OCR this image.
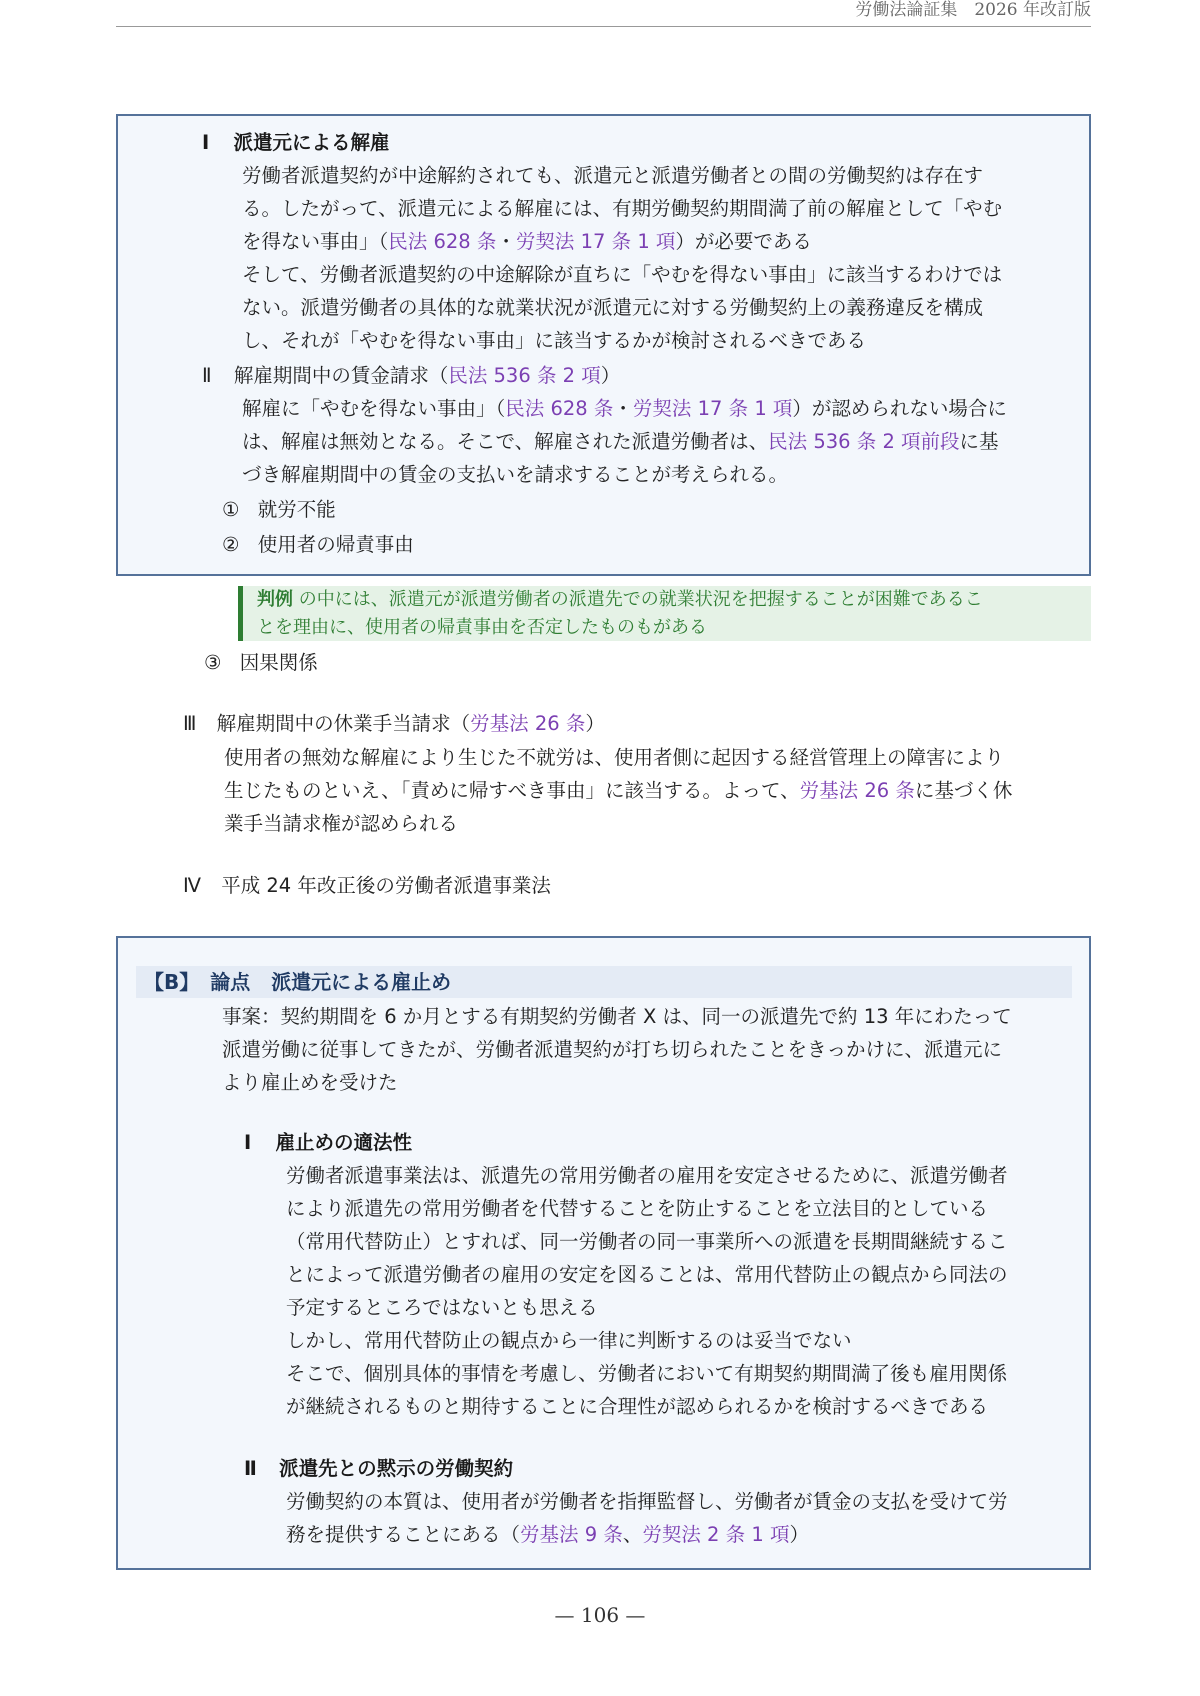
労働法論証集　2026 年改訂版
Ⅰ 派遣元による解雇
労働者派遣契約が中途解約されても、派遣元と派遣労働者との間の労働契約は存在す
る。したがって、派遣元による解雇には、有期労働契約期間満了前の解雇として「やむ
を得ない事由」（民法 628 条・労契法 17 条 1 項）が必要である
そして、労働者派遣契約の中途解除が直ちに「やむを得ない事由」に該当するわけでは
ない。派遣労働者の具体的な就業状況が派遣元に対する労働契約上の義務違反を構成
し、それが「やむを得ない事由」に該当するかが検討されるべきである
Ⅱ 解雇期間中の賃金請求（民法 536 条 2 項）
解雇に「やむを得ない事由」（民法 628 条・労契法 17 条 1 項）が認められない場合に
は、解雇は無効となる。そこで、解雇された派遣労働者は、民法 536 条 2 項前段に基
づき解雇期間中の賃金の支払いを請求することが考えられる。
① 就労不能
② 使用者の帰責事由
判例 の中には、派遣元が派遣労働者の派遣先での就業状況を把握することが困難であるこ
とを理由に、使用者の帰責事由を否定したものもがある
③ 因果関係
Ⅲ 解雇期間中の休業手当請求（労基法 26 条）
使用者の無効な解雇により生じた不就労は、使用者側に起因する経営管理上の障害により
生じたものといえ、「責めに帰すべき事由」に該当する。よって、労基法 26 条に基づく休
業手当請求権が認められる
Ⅳ 平成 24 年改正後の労働者派遣事業法
【B】 論点 派遣元による雇止め
事案：契約期間を 6 か月とする有期契約労働者 X は、同一の派遣先で約 13 年にわたって
派遣労働に従事してきたが、労働者派遣契約が打ち切られたことをきっかけに、派遣元に
より雇止めを受けた
Ⅰ 雇止めの適法性
労働者派遣事業法は、派遣先の常用労働者の雇用を安定させるために、派遣労働者
により派遣先の常用労働者を代替することを防止することを立法目的としている
（常用代替防止）とすれば、同一労働者の同一事業所への派遣を長期間継続するこ
とによって派遣労働者の雇用の安定を図ることは、常用代替防止の観点から同法の
予定するところではないとも思える
しかし、常用代替防止の観点から一律に判断するのは妥当でない
そこで、個別具体的事情を考慮し、労働者において有期契約期間満了後も雇用関係
が継続されるものと期待することに合理性が認められるかを検討するべきである
Ⅱ 派遣先との黙示の労働契約
労働契約の本質は、使用者が労働者を指揮監督し、労働者が賃金の支払を受けて労
務を提供することにある（労基法 9 条、労契法 2 条 1 項）
— 106 —
